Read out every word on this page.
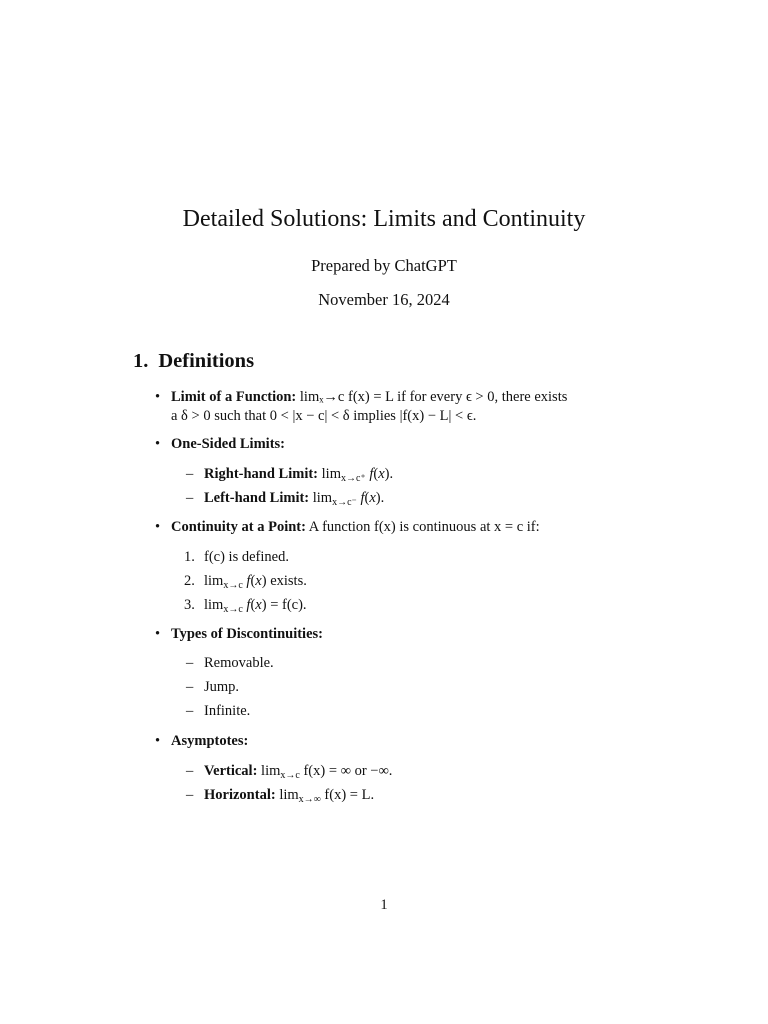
Detailed Solutions: Limits and Continuity
Prepared by ChatGPT
November 16, 2024
1. Definitions
• Limit of a Function: limₓ→c f(x) = L if for every ϵ > 0, there exists
a δ > 0 such that 0 < |x − c| < δ implies |f(x) − L| < ϵ.
• One-Sided Limits:
– Right-hand Limit: $\lim_{x\to c^+} f(x)$.
– Left-hand Limit: $\lim_{x\to c^-} f(x)$.
• Continuity at a Point: A function f(x) is continuous at x = c if:
1. f(c) is defined.
2. $\lim_{x\to c} f(x)$ exists.
3. $\lim_{x\to c} f(x) = f(c)$.
• Types of Discontinuities:
– Removable.
– Jump.
– Infinite.
• Asymptotes:
– Vertical: $\lim_{x\to c} f(x)$ = ∞ or −∞.
– Horizontal: $\lim_{x\to\infty} f(x) = L$.
1
